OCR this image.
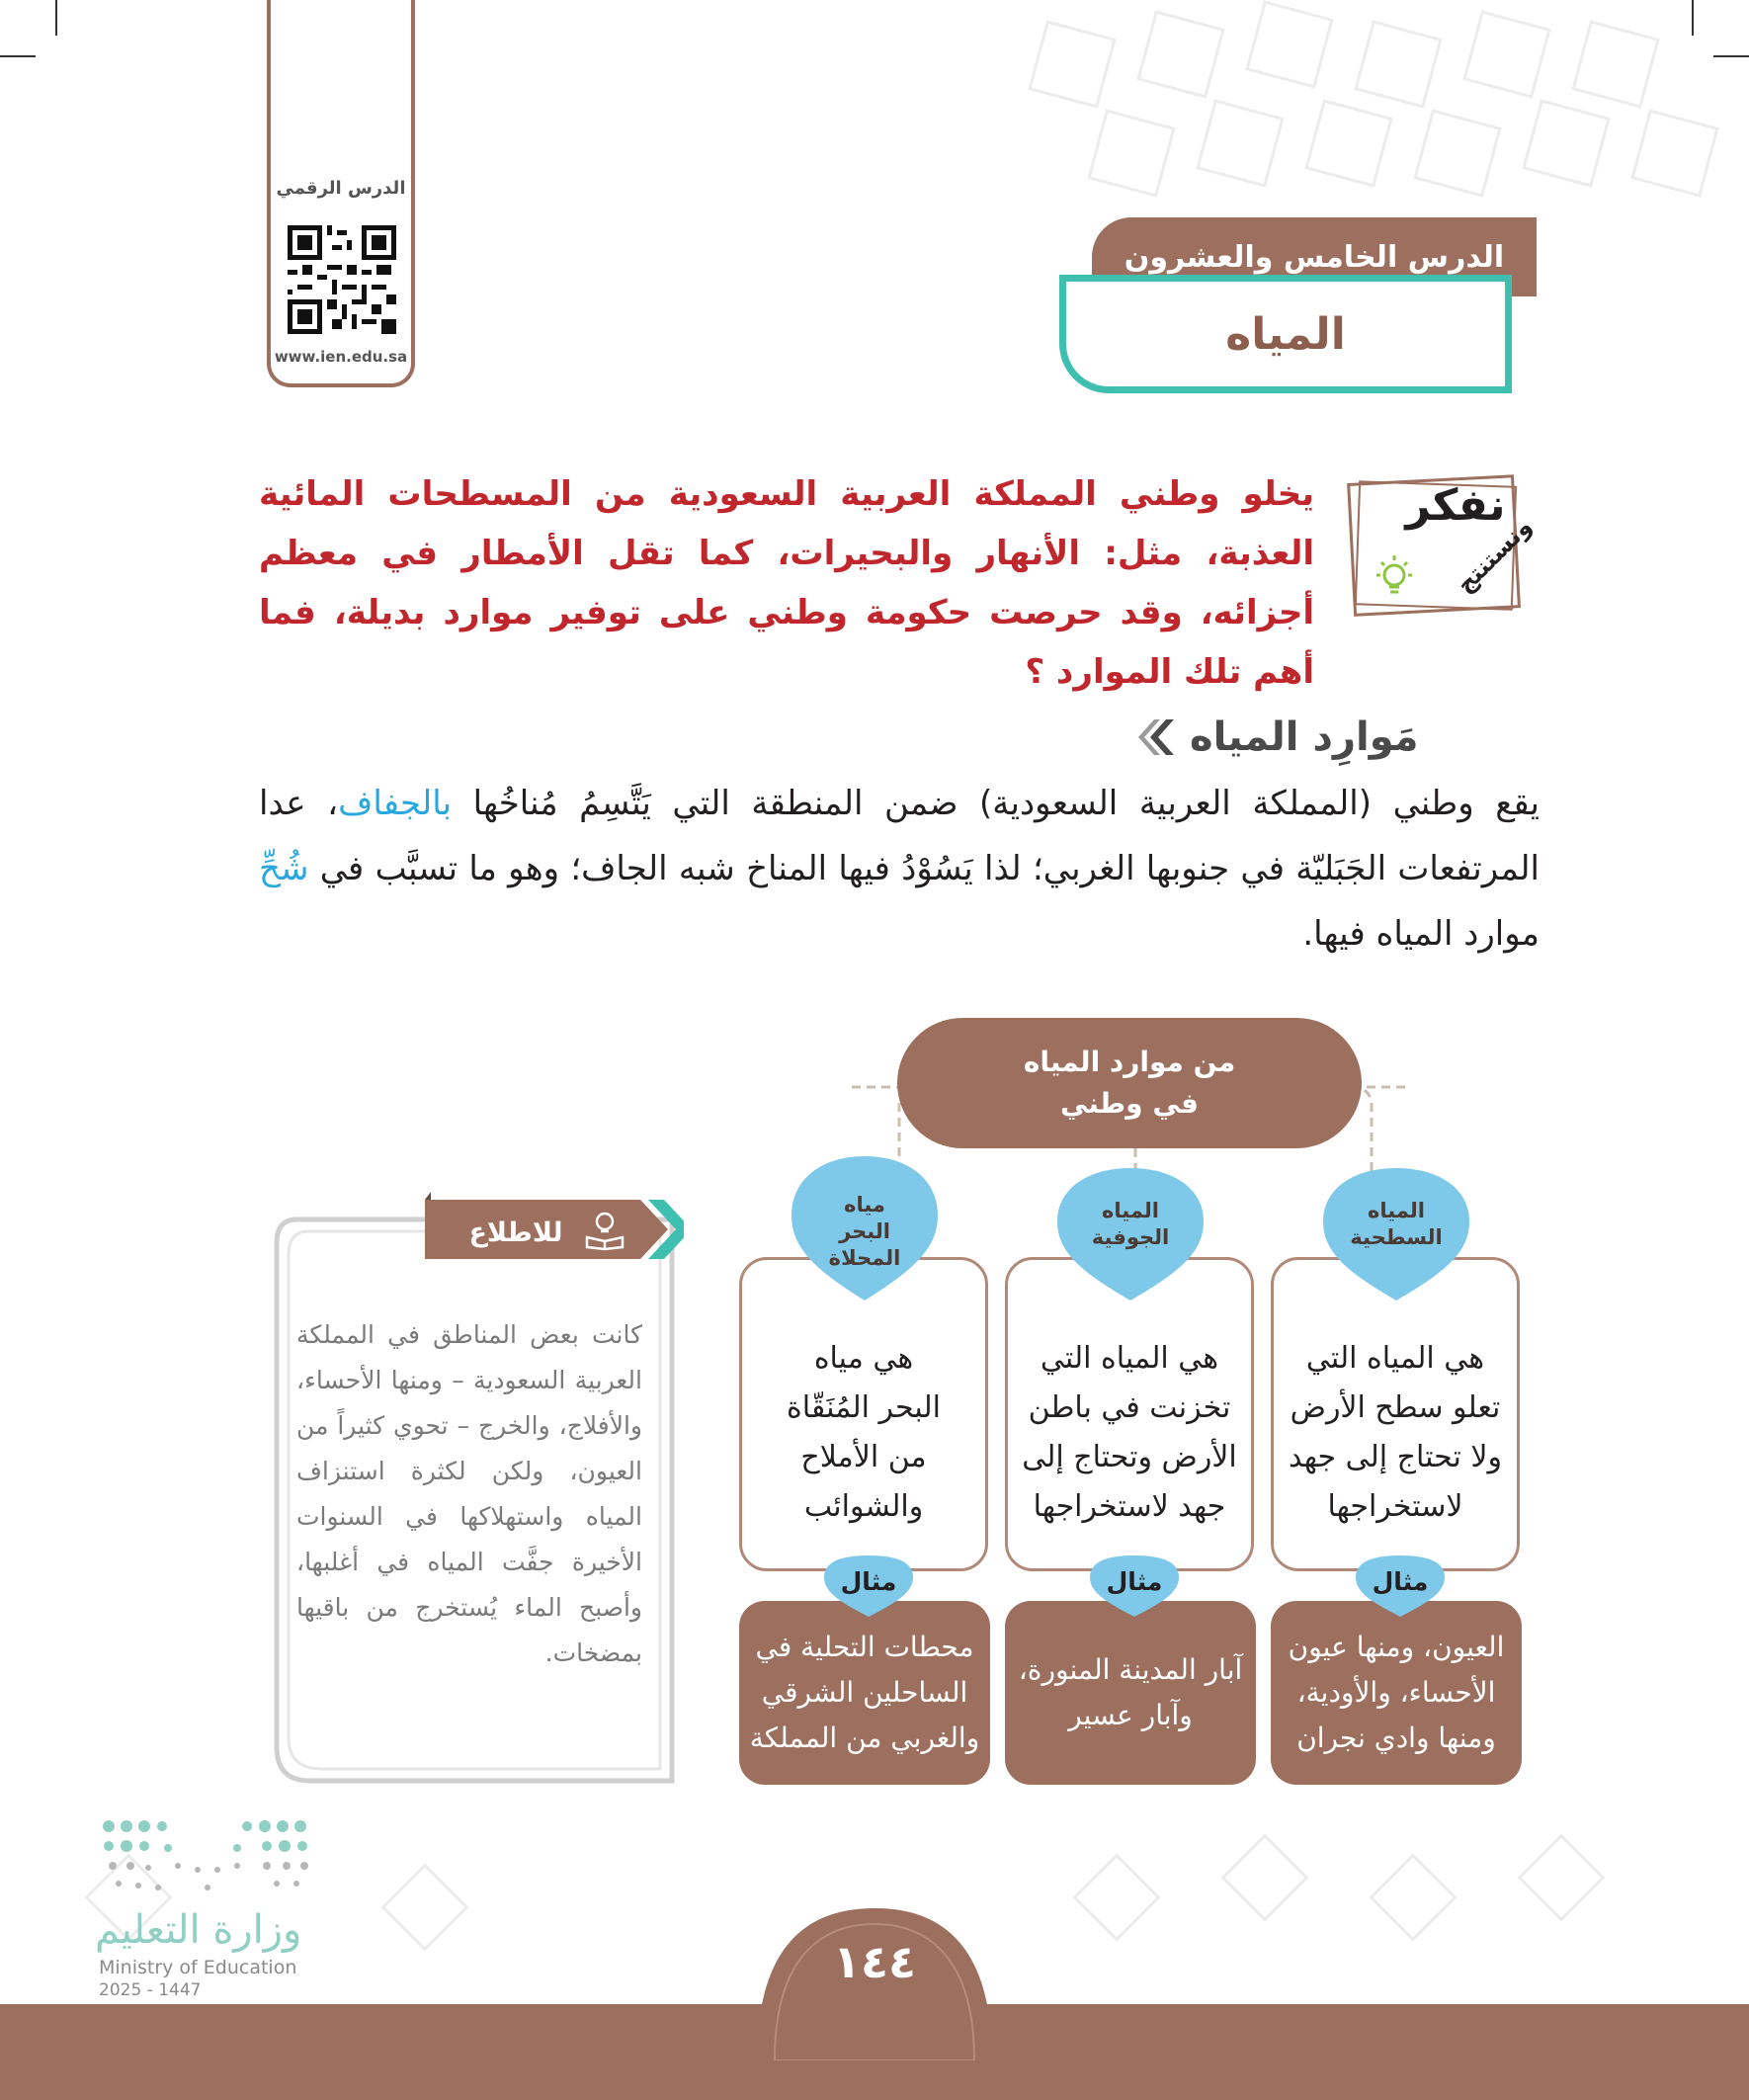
الدرس الرقمي
www.ien.edu.sa
الدرس الخامس والعشرون
المياه
نفكر
ونستنتج
يخلو وطني المملكة العربية السعودية من المسطحات المائية العذبة، مثل: الأنهار والبحيرات، كما تقل الأمطار في معظم أجزائه، وقد حرصت حكومة وطني على توفير موارد بديلة، فما أهم تلك الموارد ؟
مَوارِد المياه
يقع وطني (المملكة العربية السعودية) ضمن المنطقة التي يَتَّسِمُ مُناخُها بالجفاف، عدا المرتفعات الجَبَليّة في جنوبها الغربي؛ لذا يَسُوْدُ فيها المناخ شبه الجاف؛ وهو ما تسبَّب في شُحِّ موارد المياه فيها.
من موارد المياه
في وطني
هي المياه التي
تعلو سطح الأرض
ولا تحتاج إلى جهد
لاستخراجها
المياه
السطحية
العيون، ومنها عيون
الأحساء، والأودية،
ومنها وادي نجران
مثال
هي المياه التي
تخزنت في باطن
الأرض وتحتاج إلى
جهد لاستخراجها
المياه
الجوفية
آبار المدينة المنورة،
وآبار عسير
مثال
هي مياه
البحر المُنَقّاة
من الأملاح
والشوائب
مياه
البحر
المحلاة
محطات التحلية في
الساحلين الشرقي
والغربي من المملكة
مثال
للاطلاع
كانت بعض المناطق في المملكة العربية السعودية – ومنها الأحساء، والأفلاج، والخرج – تحوي كثيراً من العيون، ولكن لكثرة استنزاف المياه واستهلاكها في السنوات الأخيرة جفَّت المياه في أغلبها، وأصبح الماء يُستخرج من باقيها بمضخات.
وزارة التعليم
Ministry of Education
2025 - 1447
١٤٤
